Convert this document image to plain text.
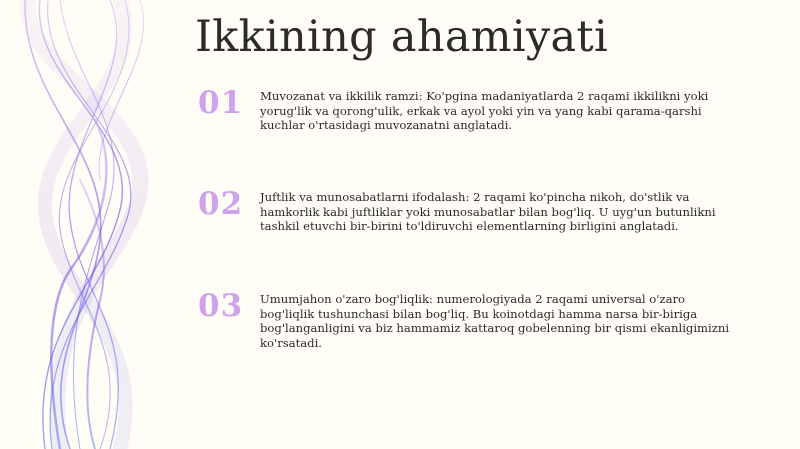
Ikkining ahamiyati
01 Muvozanat va ikkilik ramzi: Ko'pgina madaniyatlarda 2 raqami ikkilikni yoki yorug'lik va qorong'ulik, erkak va ayol yoki yin va yang kabi qarama-qarshi kuchlar o'rtasidagi muvozanatni anglatadi.
02 Juftlik va munosabatlarni ifodalash: 2 raqami ko'pincha nikoh, do'stlik va hamkorlik kabi juftliklar yoki munosabatlar bilan bog'liq. U uyg'un butunlikni tashkil etuvchi bir-birini to'ldiruvchi elementlarning birligini anglatadi.
03 Umumjahon o'zaro bog'liqlik: numerologiyada 2 raqami universal o'zaro bog'liqlik tushunchasi bilan bog'liq. Bu koinotdagi hamma narsa bir-biriga bog'langanligini va biz hammamiz kattaroq gobelenning bir qismi ekanligimizni ko'rsatadi.
